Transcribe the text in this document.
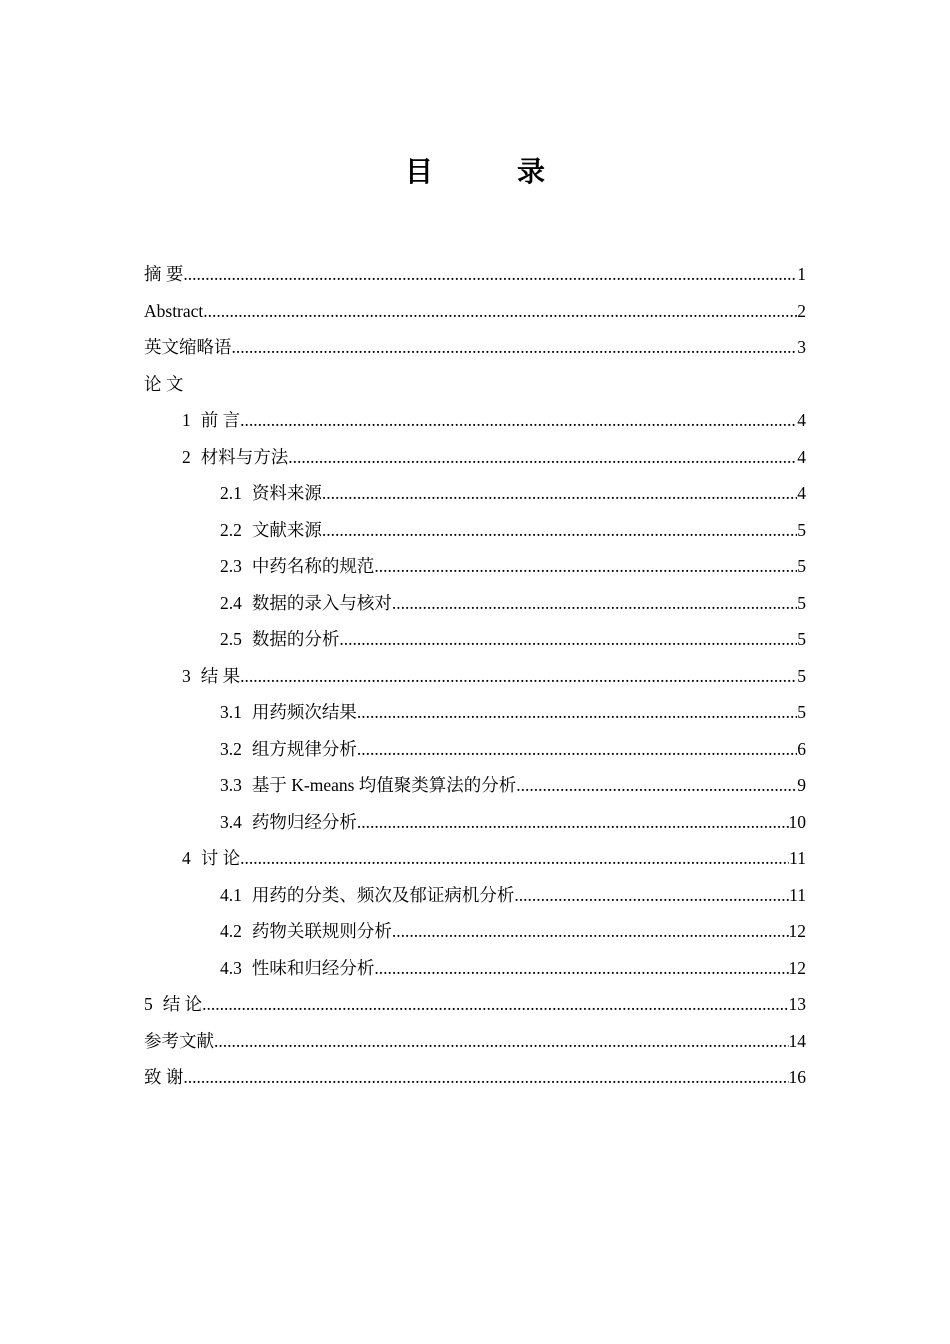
目　录
摘 要 .....	1
Abstract .....	2
英文缩略语 .....	3
论 文
1 前 言 .....	4
2 材料与方法 .....	4
2.1 资料来源 .....	4
2.2 文献来源 .....	5
2.3 中药名称的规范 .....	5
2.4 数据的录入与核对 .....	5
2.5 数据的分析 .....	5
3 结 果 .....	5
3.1 用药频次结果 .....	5
3.2 组方规律分析 .....	6
3.3 基于 K-means 均值聚类算法的分析 .....	9
3.4 药物归经分析 .....	10
4 讨 论 .....	11
4.1 用药的分类、频次及郁证病机分析 .....	11
4.2 药物关联规则分析 .....	12
4.3 性味和归经分析 .....	12
5 结 论 .....	13
参考文献 .....	14
致 谢 .....	16
